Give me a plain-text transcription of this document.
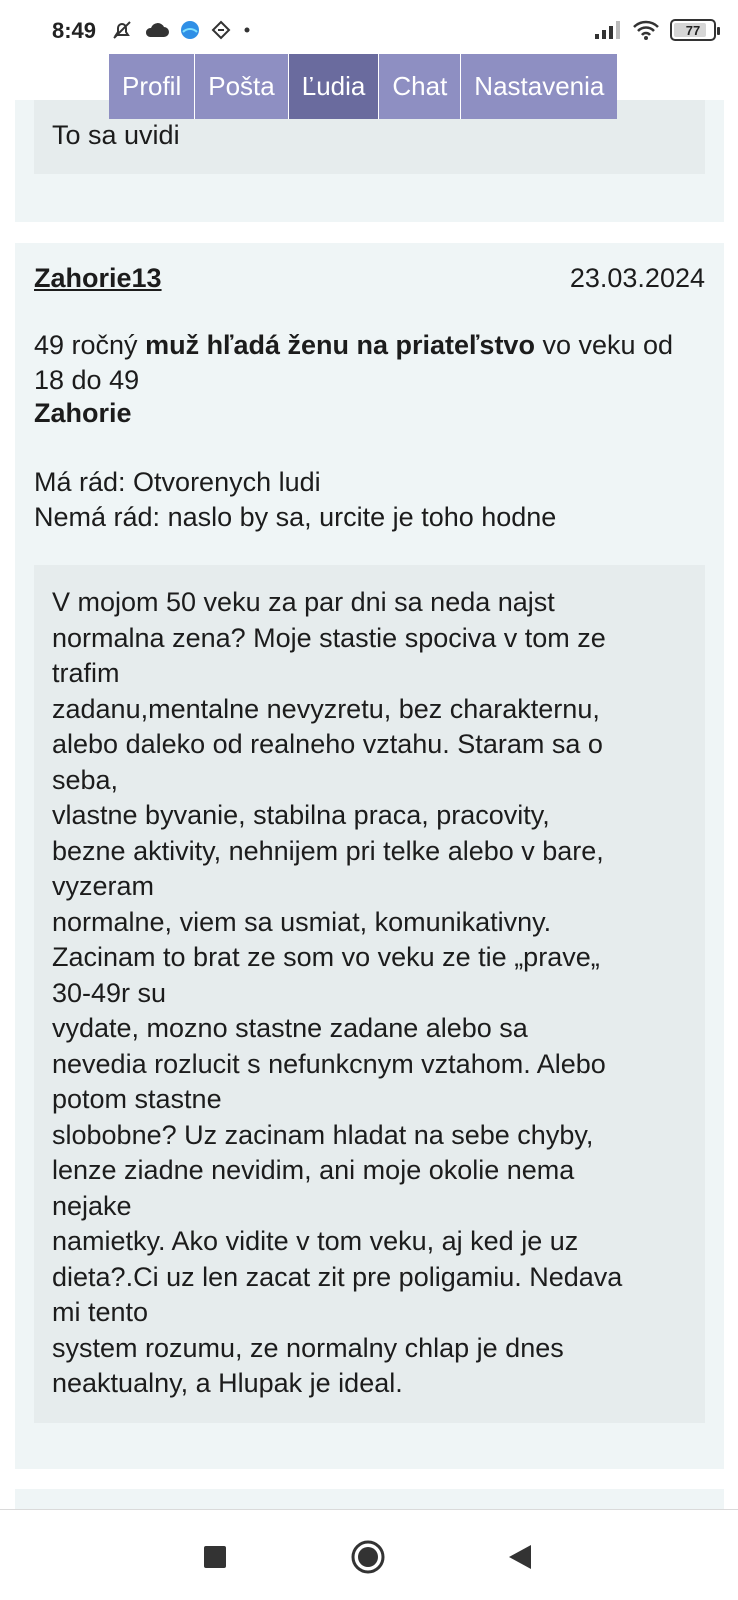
8:49	77
Profil	Pošta	Ľudia	Chat	Nastavenia
To sa uvidi
Zahorie13	23.03.2024
49 ročný muž hľadá ženu na priateľstvo vo veku od 18 do 49
Zahorie
Má rád: Otvorenych ludi
Nemá rád: naslo by sa, urcite je toho hodne
V mojom 50 veku za par dni sa neda najst
normalna zena? Moje stastie spociva v tom ze
trafim
zadanu,mentalne nevyzretu, bez charakternu,
alebo daleko od realneho vztahu. Staram sa o
seba,
vlastne byvanie, stabilna praca, pracovity,
bezne aktivity, nehnijem pri telke alebo v bare,
vyzeram
normalne, viem sa usmiat, komunikativny.
Zacinam to brat ze som vo veku ze tie „prave„
30-49r su
vydate, mozno stastne zadane alebo sa
nevedia rozlucit s nefunkcnym vztahom. Alebo
potom stastne
slobobne? Uz zacinam hladat na sebe chyby,
lenze ziadne nevidim, ani moje okolie nema
nejake
namietky. Ako vidite v tom veku, aj ked je uz
dieta?.Ci uz len zacat zit pre poligamiu. Nedava
mi tento
system rozumu, ze normalny chlap je dnes
neaktualny, a Hlupak je ideal.
